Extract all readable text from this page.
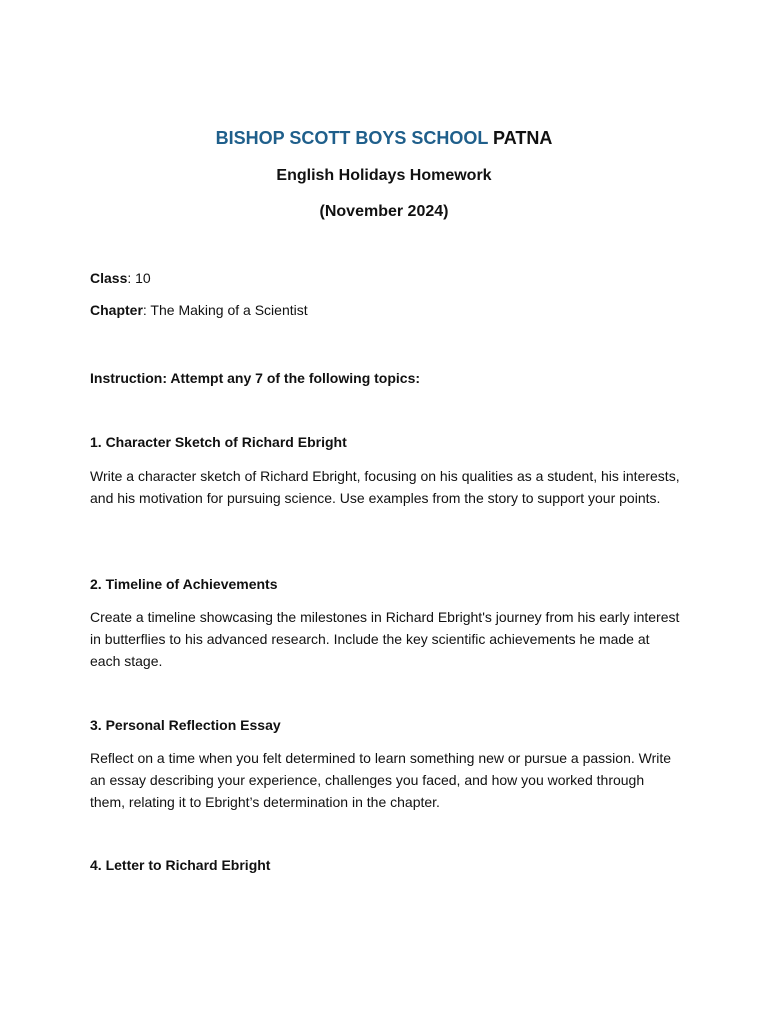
BISHOP SCOTT BOYS SCHOOL PATNA
English Holidays Homework
(November 2024)
Class: 10
Chapter: The Making of a Scientist
Instruction: Attempt any 7 of the following topics:
1. Character Sketch of Richard Ebright
Write a character sketch of Richard Ebright, focusing on his qualities as a student, his interests, and his motivation for pursuing science. Use examples from the story to support your points.
2. Timeline of Achievements
Create a timeline showcasing the milestones in Richard Ebright's journey from his early interest in butterflies to his advanced research. Include the key scientific achievements he made at each stage.
3. Personal Reflection Essay
Reflect on a time when you felt determined to learn something new or pursue a passion. Write an essay describing your experience, challenges you faced, and how you worked through them, relating it to Ebright’s determination in the chapter.
4. Letter to Richard Ebright
